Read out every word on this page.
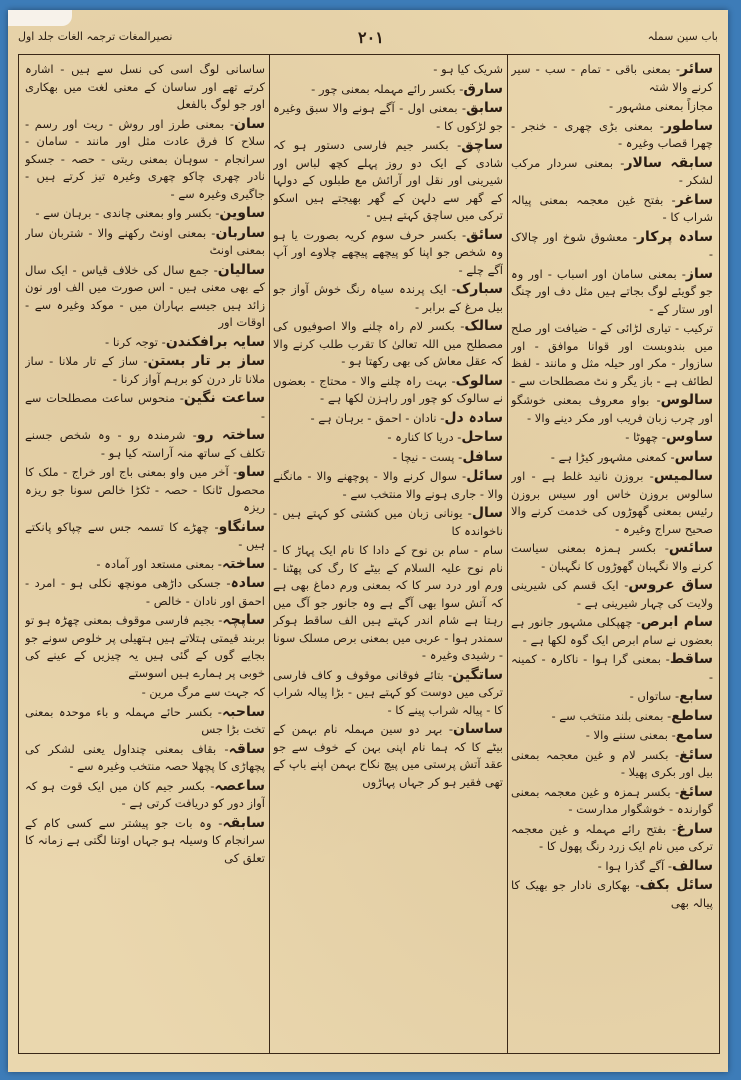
نصیرالمغات ترجمہ الغات جلد اول	۲۰۱	باب سین سملہ

سائر- بمعنی باقی - تمام - سب - سیر کرنے والا شتہ

مجازاً بمعنی مشہور -

ساطور- بمعنی بڑی چھری - خنجر - چھرا قصاب وغیرہ -

سابقہ سالار- بمعنی سردار مرکب لشکر -

ساغر- بفتح غین معجمہ بمعنی پیالہ شراب کا -

سادہ پرکار- معشوق شوخ اور چالاک -

ساز- بمعنی سامان اور اسباب - اور وہ جو گویئے لوگ بجاتے ہیں مثل دف اور چنگ اور ستار کے -

ترکیب - تیاری لڑائی کے - ضیافت اور صلح میں بندوبست اور قوانا موافق - اور سازوار - مکر اور حیلہ مثل و مانند - لفظ لطائف ہے - باز یگر و نٹ مصطلحات سے -

سالوس- بواو معروف بمعنی خوشگو اور چرب زبان فریب اور مکر دینے والا -

ساوس- چھوٹا -

ساس- کمعنی مشہور کیڑا ہے -

سالمیس- بروزن نانید غلط ہے - اور سالوس بروزن خاس اور سیس بروزن رئیس بمعنی گھوڑوں کی خدمت کرنے والا صحیح سراج وغیرہ -

سائس- بکسر ہمزہ بمعنی سیاست کرنے والا نگہبان گھوڑوں کا نگہبان -

ساق عروس- ایک قسم کی شیرینی ولایت کی چہار شیرینی ہے -

سام ابرص- چھپکلی مشہور جانور ہے بعضوں نے سام ابرص ایک گوہ لکھا ہے -

ساقط- بمعنی گرا ہوا - ناکارہ - کمینہ -

سابع- ساتواں -

ساطع- بمعنی بلند منتخب سے -

سامع- بمعنی سننے والا -

سائغ- بکسر لام و غین معجمہ بمعنی بیل اور بکری پھیلا -

سائغ- بکسر ہمزہ و غین معجمہ بمعنی گوارندہ - خوشگوار مدارست -

سارغ- بفتح رائے مہملہ و غین معجمہ ترکی میں نام ایک زرد رنگ پھول کا -

سالف- آگے گذرا ہوا -

سائل بکف- بھکاری نادار جو بھیک کا پیالہ بھی

شریک کیا ہو -

سارق- بکسر رائے مہملہ بمعنی چور -

سابق- بمعنی اول - آگے ہونے والا سبق وغیرہ جو لڑکوں کا -

ساچق- بکسر جیم فارسی دستور ہو کہ شادی کے ایک دو روز پہلے کچھ لباس اور شیرینی اور نقل اور آرائش مع طبلوں کے دولہا کے گھر سے دلہن کے گھر بھیجتے ہیں اسکو ترکی میں ساچق کہتے ہیں -

سائق- بکسر حرف سوم کریہ بصورت یا ہو وہ شخص جو اپنا کو پیچھے پیچھے چلاوے اور آپ آگے چلے -

سبارک- ایک پرندہ سیاہ رنگ خوش آواز جو بیل مرغ کے برابر -

سالک- بکسر لام راہ چلنے والا اصوفیوں کی مصطلح میں اللہ تعالیٰ کا تقرب طلب کرنے والا کہ عقل معاش کی بھی رکھتا ہو -

سالوک- بہت راہ چلنے والا - محتاج - بعضوں نے سالوک کو چور اور راہزن لکھا ہے -

سادہ دل- نادان - احمق - برہان ہے -

ساحل- دریا کا کنارہ -

سافل- پست - نیچا -

سائل- سوال کرنے والا - پوچھنے والا - مانگنے والا - جاری ہونے والا منتخب سے -

سال- یونانی زبان میں کشتی کو کہتے ہیں - ناخواندہ کا

سام - سام بن نوح کے دادا کا نام ایک پہاڑ کا - نام نوح علیہ السلام کے بیٹے کا رگ کی پھٹنا - ورم اور درد سر کا کہ بمعنی ورم دماغ بھی ہے کہ آتش سوا بھی آگے ہے وہ جانور جو آگ میں رہتا ہے شام اندر کہتے ہیں الف ساقط ہوکر سمندر ہوا - عربی میں بمعنی برص مسلک سونا - رشیدی وغیرہ -

ساتگین- بتائے فوقانی موقوف و کاف فارسی ترکی میں دوست کو کہتے ہیں - بڑا پیالہ شراب کا - پیالہ شراب پینے کا -

ساسان- بہر دو سین مہملہ نام بہمن کے بیٹے کا کہ ہما نام اپنی بہن کے خوف سے جو عقد آتش پرستی میں پیچ نکاح بہمن اپنے باپ کے تھی فقیر ہو کر جہاں پہاڑوں

ساسانی لوگ اسی کی نسل سے ہیں - اشارہ کرتے تھے اور ساسان کے معنی لغت میں بھکاری اور جو لوگ بالفعل

سان- بمعنی طرز اور روش - ریت اور رسم - سلاح کا فرق عادت مثل اور مانند - سامان - سرانجام - سوہان بمعنی ریتی - حصہ - جسکو نادر چھری چاکو چھری وغیرہ تیز کرتے ہیں - جاگیری وغیرہ سے -

ساوین- بکسر واو بمعنی چاندی - برہان سے -

ساربان- بمعنی اونٹ رکھنے والا - شتربان سار بمعنی اونٹ

سالیان- جمع سال کی خلاف قیاس - ایک سال کے بھی معنی ہیں - اس صورت میں الف اور نون زائد ہیں جیسے بہاران میں - موکد وغیرہ سے - اوقات اور

سایہ برافکندن- توجہ کرنا -

ساز بر تار بستن- ساز کے تار ملانا - ساز ملانا تار درن کو برہم آواز کرنا -

ساعت نگین- منحوس ساعت مصطلحات سے -

ساختہ رو- شرمندہ رو - وہ شخص جسنے تکلف کے ساتھ منہ آراستہ کیا ہو -

ساو- آخر میں واو بمعنی باج اور خراج - ملک کا محصول ٹانکا - حصہ - ٹکڑا خالص سونا جو ریزہ ریزہ

سانگاو- چھڑے کا تسمہ جس سے چپاکو پانکتے ہیں -

ساختہ- بمعنی مستعد اور آمادہ -

سادہ- جسکی داڑھی مونچھ نکلی ہو - امرد - احمق اور نادان - خالص -

ساپچہ- بجیم فارسی موقوف بمعنی چھڑہ ہو تو بربند قیمتی ہتلاتے ہیں ہتھیلی پر خلوص سونے جو بجایے گوں کے گئی ہیں یہ چیزیں کے عینے کی خوبی پر ہمارے ہیں اسوستے

کہ جہت سے مرگ مرین -

ساحبہ- بکسر حائے مہملہ و باء موحدہ بمعنی تخت بڑا جس

ساقہ- بقاف بمعنی چنداول یعنی لشکر کی پچھاڑی کا پچھلا حصہ منتخب وغیرہ سے -

ساعصہ- بکسر جیم کان میں ایک قوت ہو کہ آواز دور کو دریافت کرتی ہے -

سابقہ- وہ بات جو پیشتر سے کسی کام کے سرانجام کا وسیلہ ہو جہاں اوتنا لگتی ہے زمانہ کا تعلق کی
